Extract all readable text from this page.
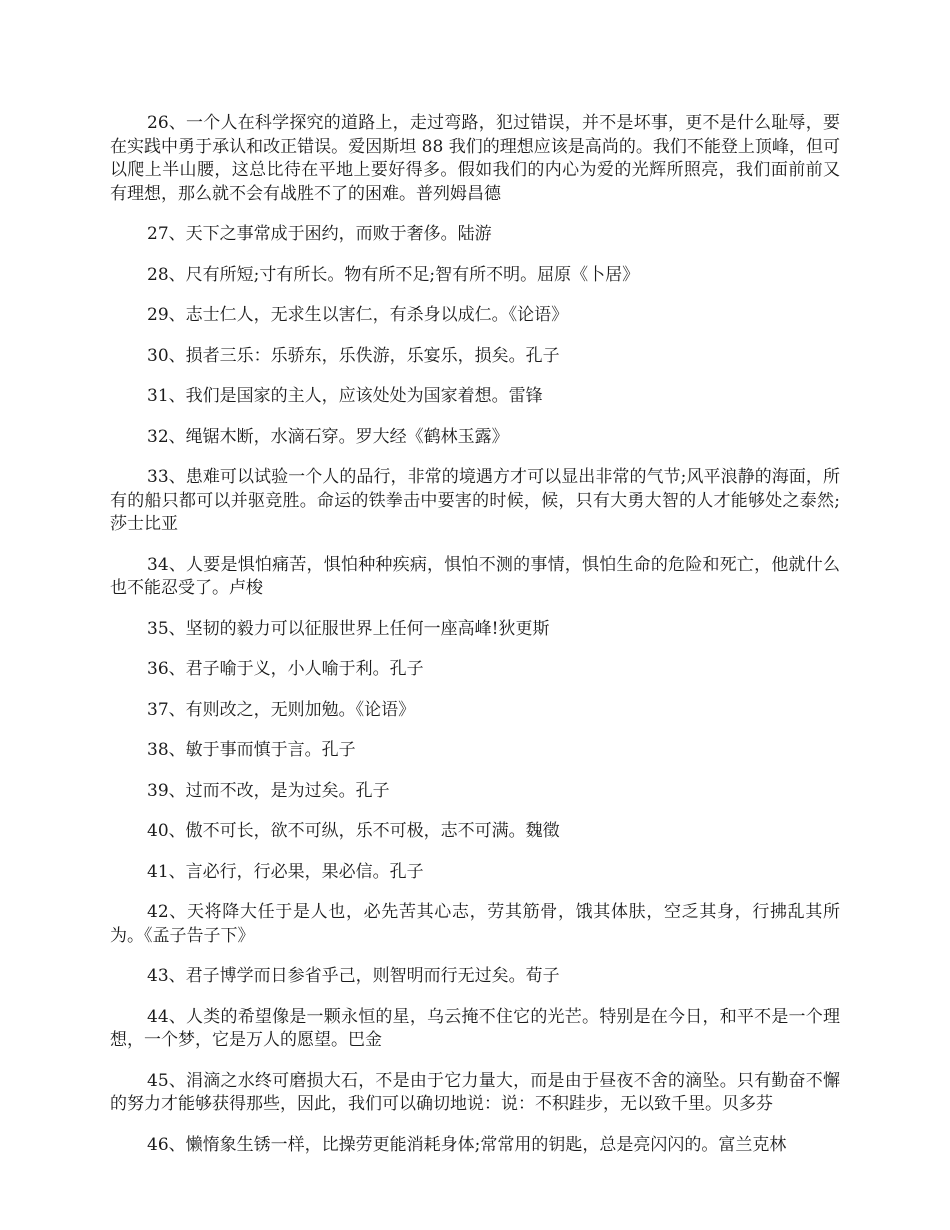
26、一个人在科学探究的道路上，走过弯路，犯过错误，并不是坏事，更不是什么耻辱，要在实践中勇于承认和改正错误。爱因斯坦 88 我们的理想应该是高尚的。我们不能登上顶峰，但可以爬上半山腰，这总比待在平地上要好得多。假如我们的内心为爱的光辉所照亮，我们面前前又有理想，那么就不会有战胜不了的困难。普列姆昌德

27、天下之事常成于困约，而败于奢侈。陆游

28、尺有所短;寸有所长。物有所不足;智有所不明。屈原《卜居》

29、志士仁人，无求生以害仁，有杀身以成仁。《论语》

30、损者三乐：乐骄东，乐佚游，乐宴乐，损矣。孔子

31、我们是国家的主人，应该处处为国家着想。雷锋

32、绳锯木断，水滴石穿。罗大经《鹤林玉露》

33、患难可以试验一个人的品行，非常的境遇方才可以显出非常的气节;风平浪静的海面，所有的船只都可以并驱竞胜。命运的铁拳击中要害的时候，候，只有大勇大智的人才能够处之泰然;莎士比亚

34、人要是惧怕痛苦，惧怕种种疾病，惧怕不测的事情，惧怕生命的危险和死亡，他就什么也不能忍受了。卢梭

35、坚韧的毅力可以征服世界上任何一座高峰!狄更斯

36、君子喻于义，小人喻于利。孔子

37、有则改之，无则加勉。《论语》

38、敏于事而慎于言。孔子

39、过而不改，是为过矣。孔子

40、傲不可长，欲不可纵，乐不可极，志不可满。魏徵

41、言必行，行必果，果必信。孔子

42、天将降大任于是人也，必先苦其心志，劳其筋骨，饿其体肤，空乏其身，行拂乱其所为。《孟子告子下》

43、君子博学而日参省乎己，则智明而行无过矣。荀子

44、人类的希望像是一颗永恒的星，乌云掩不住它的光芒。特别是在今日，和平不是一个理想，一个梦，它是万人的愿望。巴金

45、涓滴之水终可磨损大石，不是由于它力量大，而是由于昼夜不舍的滴坠。只有勤奋不懈的努力才能够获得那些，因此，我们可以确切地说：说：不积跬步，无以致千里。贝多芬

46、懒惰象生锈一样，比操劳更能消耗身体;常常用的钥匙，总是亮闪闪的。富兰克林
